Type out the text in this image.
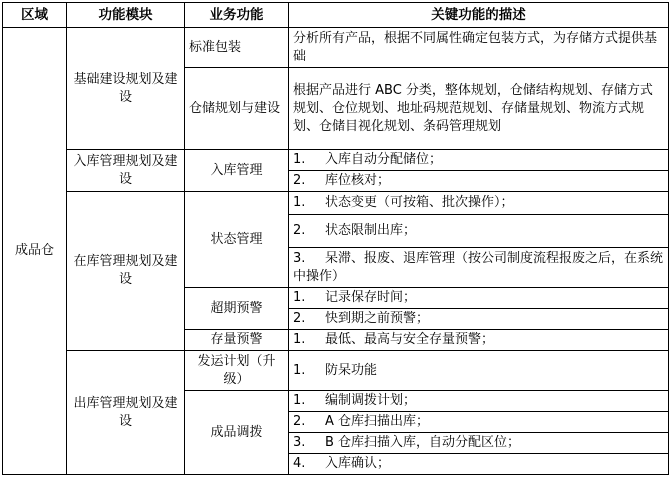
区域	功能模块	业务功能	关键功能的描述
成品仓	基础建设规划及建设	标准包装	分析所有产品，根据不同属性确定包装方式，为存储方式提供基础
		仓储规划与建设	根据产品进行 ABC 分类，整体规划，仓储结构规划、存储方式规划、仓位规划、地址码规范规划、存储量规划、物流方式规划、仓储目视化规划、条码管理规划
	入库管理规划及建设	入库管理	1. 入库自动分配储位；
			2. 库位核对；
	在库管理规划及建设	状态管理	1. 状态变更（可按箱、批次操作）；
			2. 状态限制出库；
			3. 呆滞、报废、退库管理（按公司制度流程报废之后，在系统中操作）
		超期预警	1. 记录保存时间；
			2. 快到期之前预警；
		存量预警	1. 最低、最高与安全存量预警；
	出库管理规划及建设	发运计划（升级）	1. 防呆功能
		成品调拨	1. 编制调拨计划；
			2. A 仓库扫描出库；
			3. B 仓库扫描入库，自动分配区位；
			4. 入库确认；
